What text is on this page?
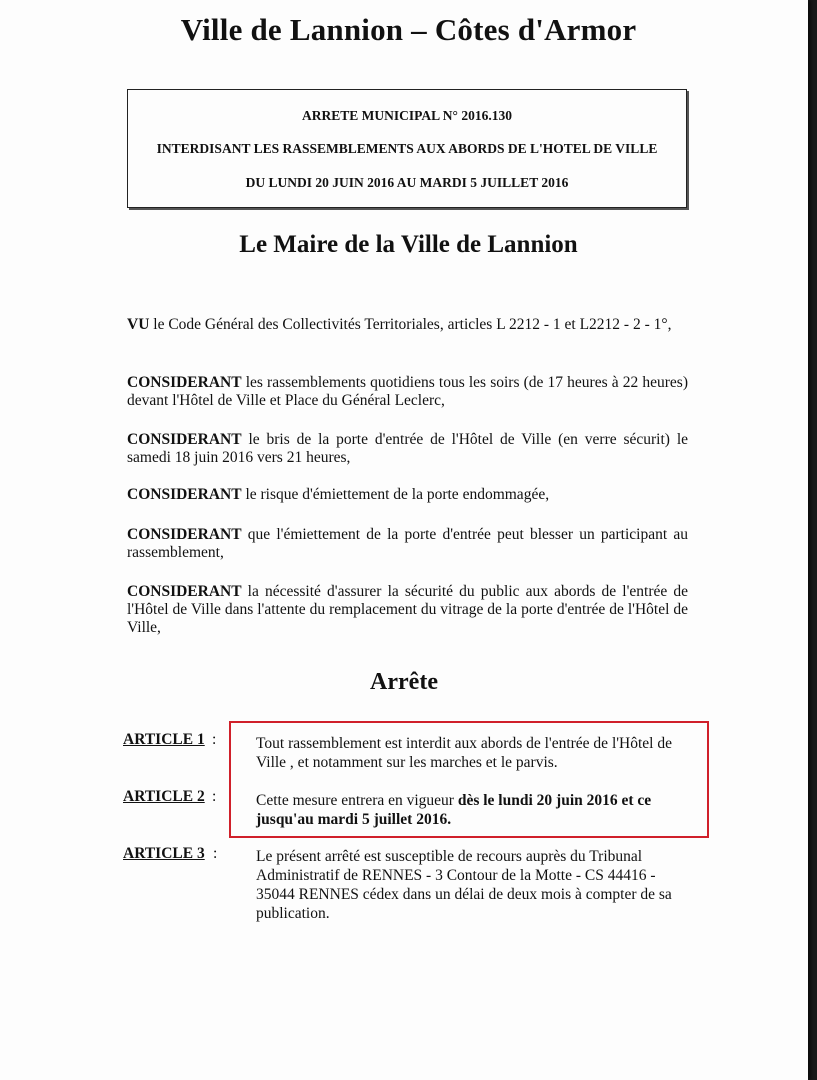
Ville de Lannion – Côtes d'Armor
ARRETE MUNICIPAL N° 2016.130
INTERDISANT LES RASSEMBLEMENTS AUX ABORDS DE L'HOTEL DE VILLE
DU LUNDI 20 JUIN 2016 AU MARDI 5 JUILLET 2016
Le Maire de la Ville de Lannion
VU le Code Général des Collectivités Territoriales, articles L 2212 - 1 et L2212 - 2 - 1°,
CONSIDERANT les rassemblements quotidiens tous les soirs (de 17 heures à 22 heures) devant l'Hôtel de Ville et Place du Général Leclerc,
CONSIDERANT le bris de la porte d'entrée de l'Hôtel de Ville (en verre sécurit) le samedi 18 juin 2016 vers 21 heures,
CONSIDERANT le risque d'émiettement de la porte endommagée,
CONSIDERANT que l'émiettement de la porte d'entrée peut blesser un participant au rassemblement,
CONSIDERANT la nécessité d'assurer la sécurité du public aux abords de l'entrée de l'Hôtel de Ville dans l'attente du remplacement du vitrage de la porte d'entrée de l'Hôtel de Ville,
Arrête
ARTICLE 1 :	Tout rassemblement est interdit aux abords de l'entrée de l'Hôtel de Ville , et notamment sur les marches et le parvis.
ARTICLE 2 :	Cette mesure entrera en vigueur dès le lundi 20 juin 2016 et ce jusqu'au mardi 5 juillet 2016.
ARTICLE 3 : Le présent arrêté est susceptible de recours auprès du Tribunal Administratif de RENNES - 3 Contour de la Motte - CS 44416 - 35044 RENNES cédex dans un délai de deux mois à compter de sa publication.
